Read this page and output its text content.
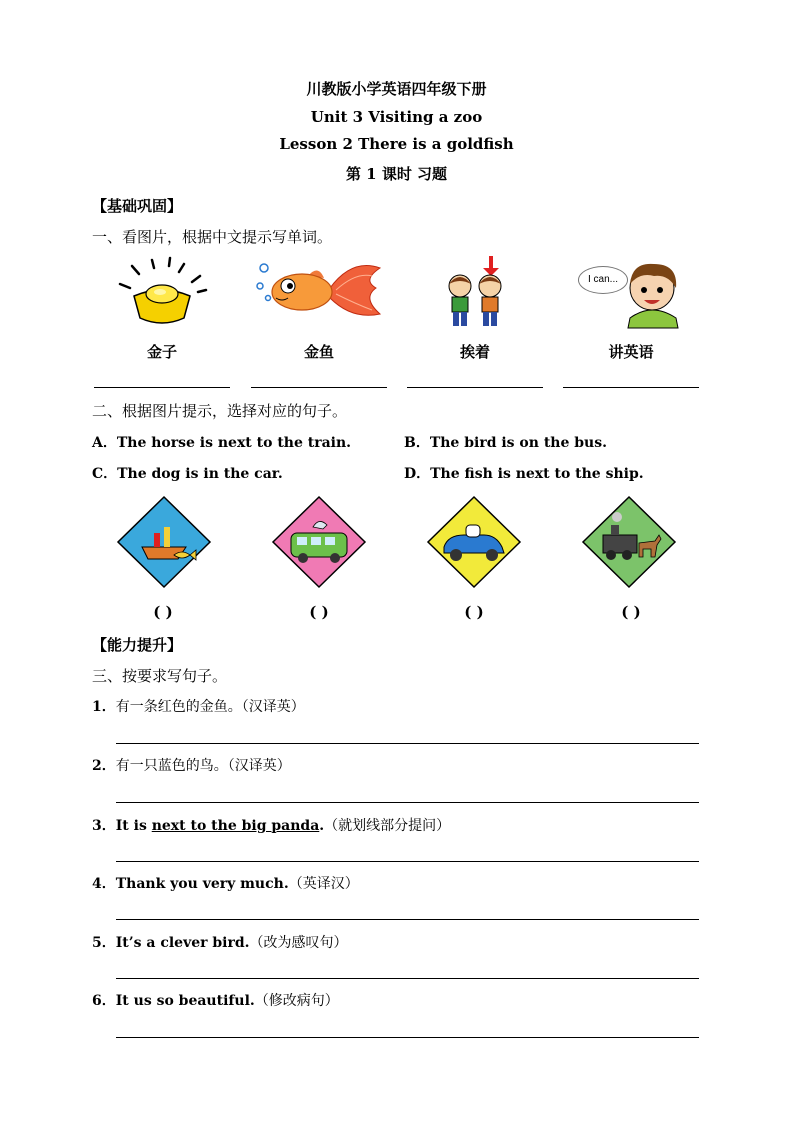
川教版小学英语四年级下册
Unit 3 Visiting a zoo
Lesson 2 There is a goldfish
第 1 课时 习题
【基础巩固】
一、看图片，根据中文提示写单词。
I can...
金子	金鱼	挨着	讲英语
二、根据图片提示，选择对应的句子。
A．The horse is next to the train.	B．The bird is on the bus.
C．The dog is in the car.	D．The fish is next to the ship.
( )	( )	( )	( )
【能力提升】
三、按要求写句子。
1．有一条红色的金鱼。（汉译英）
2．有一只蓝色的鸟。（汉译英）
3．It is next to the big panda.（就划线部分提问）
4．Thank you very much.（英译汉）
5．It’s a clever bird.（改为感叹句）
6．It us so beautiful.（修改病句）
